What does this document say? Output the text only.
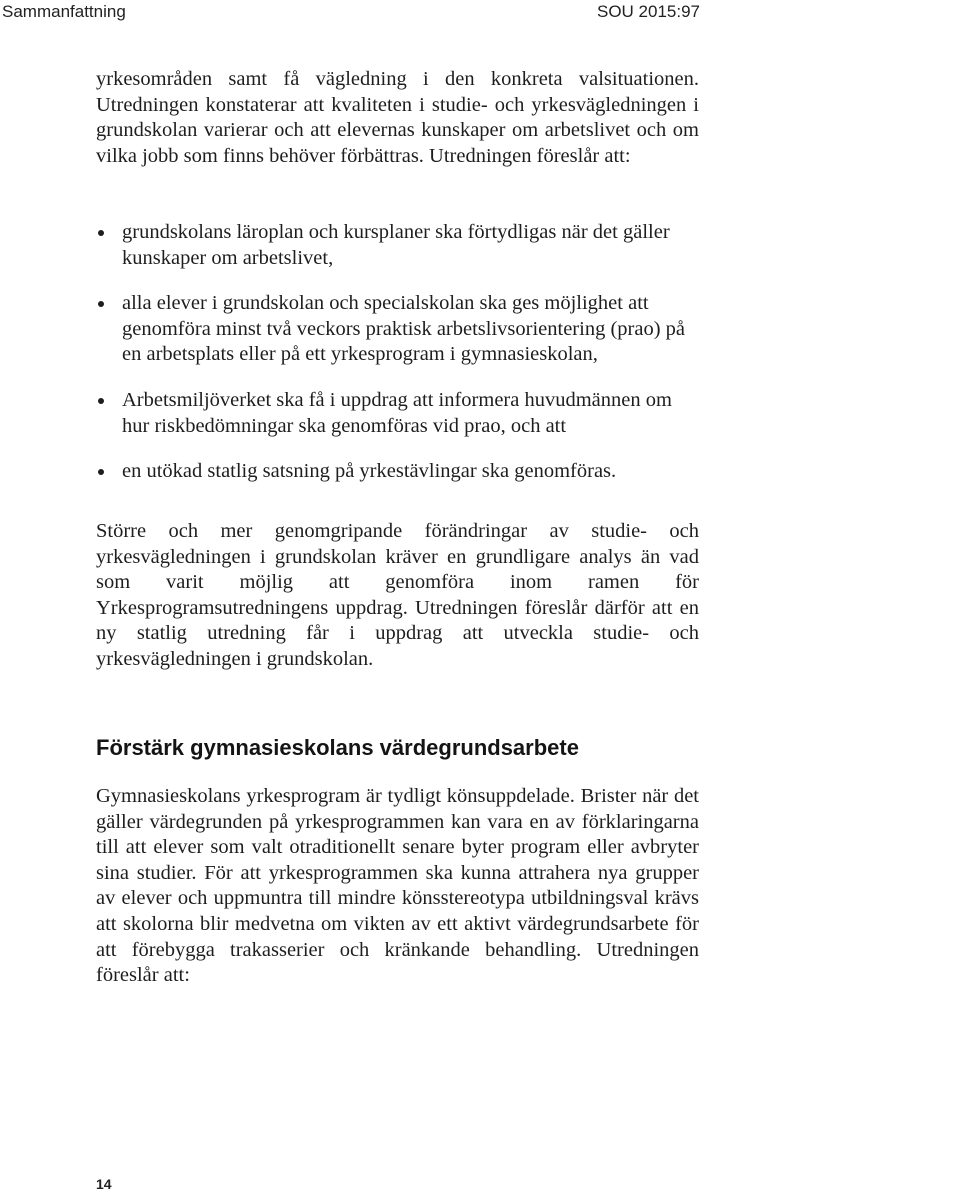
Sammanfattning	SOU 2015:97

yrkesområden samt få vägledning i den konkreta valsituationen. Utredningen konstaterar att kvaliteten i studie- och yrkesvägledningen i grundskolan varierar och att elevernas kunskaper om arbetslivet och om vilka jobb som finns behöver förbättras. Utredningen föreslår att:

grundskolans läroplan och kursplaner ska förtydligas när det gäller kunskaper om arbetslivet,
alla elever i grundskolan och specialskolan ska ges möjlighet att genomföra minst två veckors praktisk arbetslivsorientering (prao) på en arbetsplats eller på ett yrkesprogram i gymnasieskolan,
Arbetsmiljöverket ska få i uppdrag att informera huvudmännen om hur riskbedömningar ska genomföras vid prao, och att
en utökad statlig satsning på yrkestävlingar ska genomföras.

Större och mer genomgripande förändringar av studie- och yrkesvägledningen i grundskolan kräver en grundligare analys än vad som varit möjlig att genomföra inom ramen för Yrkesprogramsutredningens uppdrag. Utredningen föreslår därför att en ny statlig utredning får i uppdrag att utveckla studie- och yrkesvägledningen i grundskolan.

Förstärk gymnasieskolans värdegrundsarbete

Gymnasieskolans yrkesprogram är tydligt könsuppdelade. Brister när det gäller värdegrunden på yrkesprogrammen kan vara en av förklaringarna till att elever som valt otraditionellt senare byter program eller avbryter sina studier. För att yrkesprogrammen ska kunna attrahera nya grupper av elever och uppmuntra till mindre könsstereotypa utbildningsval krävs att skolorna blir medvetna om vikten av ett aktivt värdegrundsarbete för att förebygga trakasserier och kränkande behandling. Utredningen föreslår att:

14
